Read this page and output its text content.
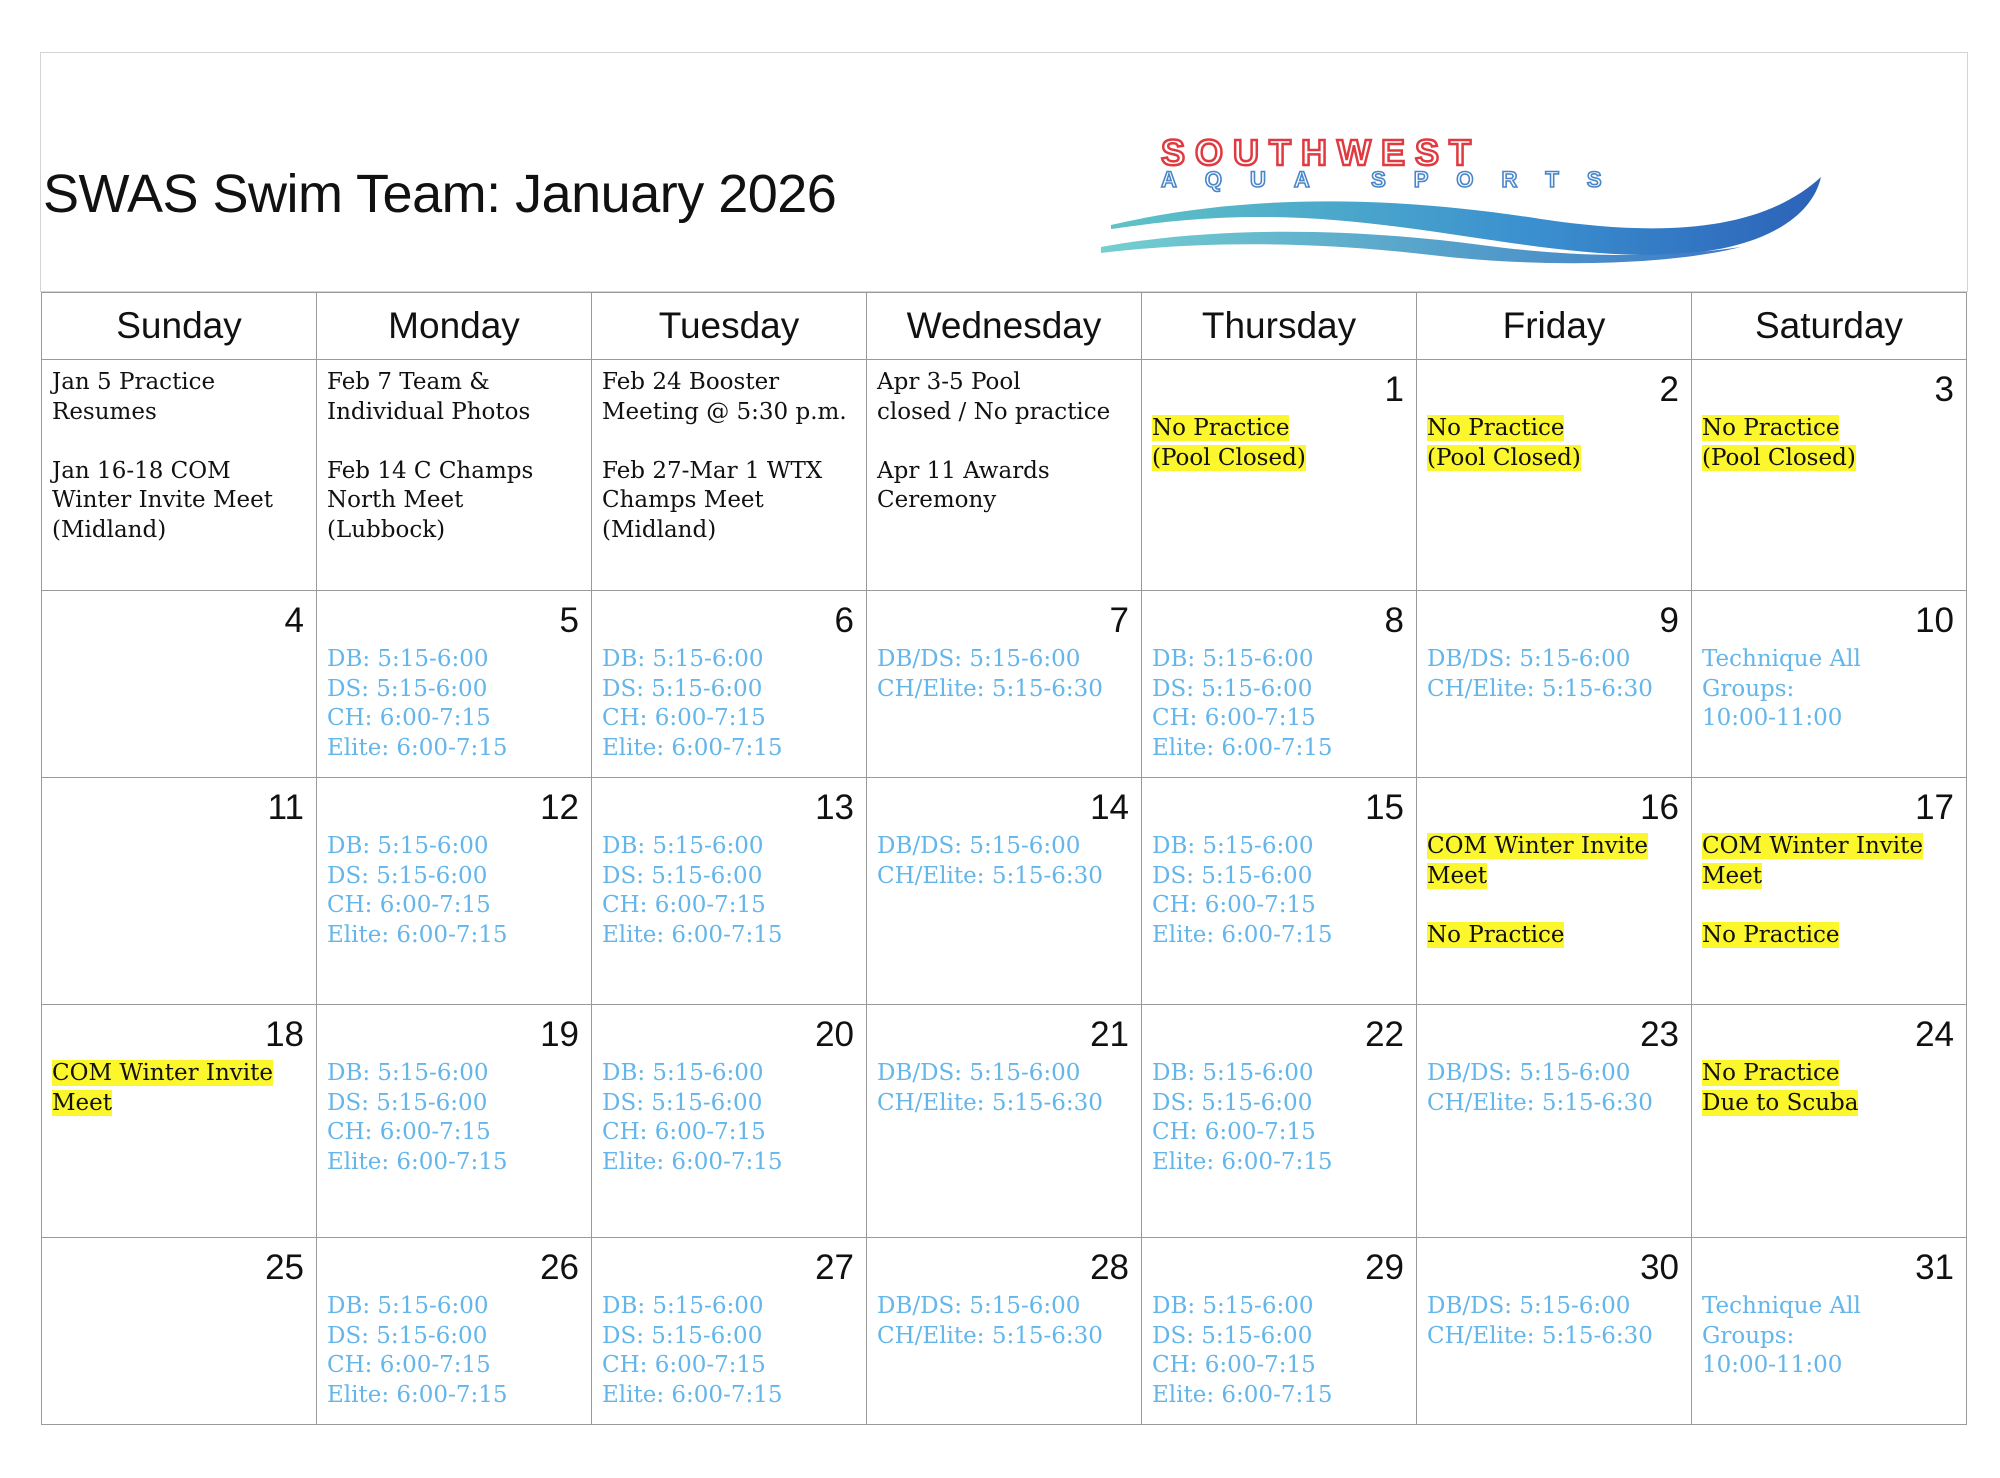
SWAS Swim Team: January 2026
SOUTHWEST
AQUA SPORTS
Sunday	Monday	Tuesday	Wednesday	Thursday	Friday	Saturday

Jan 5 Practice
Resumes

Jan 16-18 COM
Winter Invite Meet
(Midland)	Feb 7 Team &
Individual Photos

Feb 14 C Champs
North Meet
(Lubbock)	Feb 24 Booster
Meeting @ 5:30 p.m.

Feb 27-Mar 1 WTX
Champs Meet
(Midland)	Apr 3-5 Pool
closed / No practice

Apr 11 Awards
Ceremony	1
No Practice
(Pool Closed)	2
No Practice
(Pool Closed)	3
No Practice
(Pool Closed)

4	5
DB: 5:15-6:00
DS: 5:15-6:00
CH: 6:00-7:15
Elite: 6:00-7:15	6
DB: 5:15-6:00
DS: 5:15-6:00
CH: 6:00-7:15
Elite: 6:00-7:15	7
DB/DS: 5:15-6:00
CH/Elite: 5:15-6:30	8
DB: 5:15-6:00
DS: 5:15-6:00
CH: 6:00-7:15
Elite: 6:00-7:15	9
DB/DS: 5:15-6:00
CH/Elite: 5:15-6:30	10
Technique All Groups:
10:00-11:00

11	12
DB: 5:15-6:00
DS: 5:15-6:00
CH: 6:00-7:15
Elite: 6:00-7:15	13
DB: 5:15-6:00
DS: 5:15-6:00
CH: 6:00-7:15
Elite: 6:00-7:15	14
DB/DS: 5:15-6:00
CH/Elite: 5:15-6:30	15
DB: 5:15-6:00
DS: 5:15-6:00
CH: 6:00-7:15
Elite: 6:00-7:15	16
COM Winter Invite
Meet
No Practice	17
COM Winter Invite
Meet
No Practice

18
COM Winter Invite
Meet	19
DB: 5:15-6:00
DS: 5:15-6:00
CH: 6:00-7:15
Elite: 6:00-7:15	20
DB: 5:15-6:00
DS: 5:15-6:00
CH: 6:00-7:15
Elite: 6:00-7:15	21
DB/DS: 5:15-6:00
CH/Elite: 5:15-6:30	22
DB: 5:15-6:00
DS: 5:15-6:00
CH: 6:00-7:15
Elite: 6:00-7:15	23
DB/DS: 5:15-6:00
CH/Elite: 5:15-6:30	24
No Practice
Due to Scuba

25	26
DB: 5:15-6:00
DS: 5:15-6:00
CH: 6:00-7:15
Elite: 6:00-7:15	27
DB: 5:15-6:00
DS: 5:15-6:00
CH: 6:00-7:15
Elite: 6:00-7:15	28
DB/DS: 5:15-6:00
CH/Elite: 5:15-6:30	29
DB: 5:15-6:00
DS: 5:15-6:00
CH: 6:00-7:15
Elite: 6:00-7:15	30
DB/DS: 5:15-6:00
CH/Elite: 5:15-6:30	31
Technique All Groups:
10:00-11:00
